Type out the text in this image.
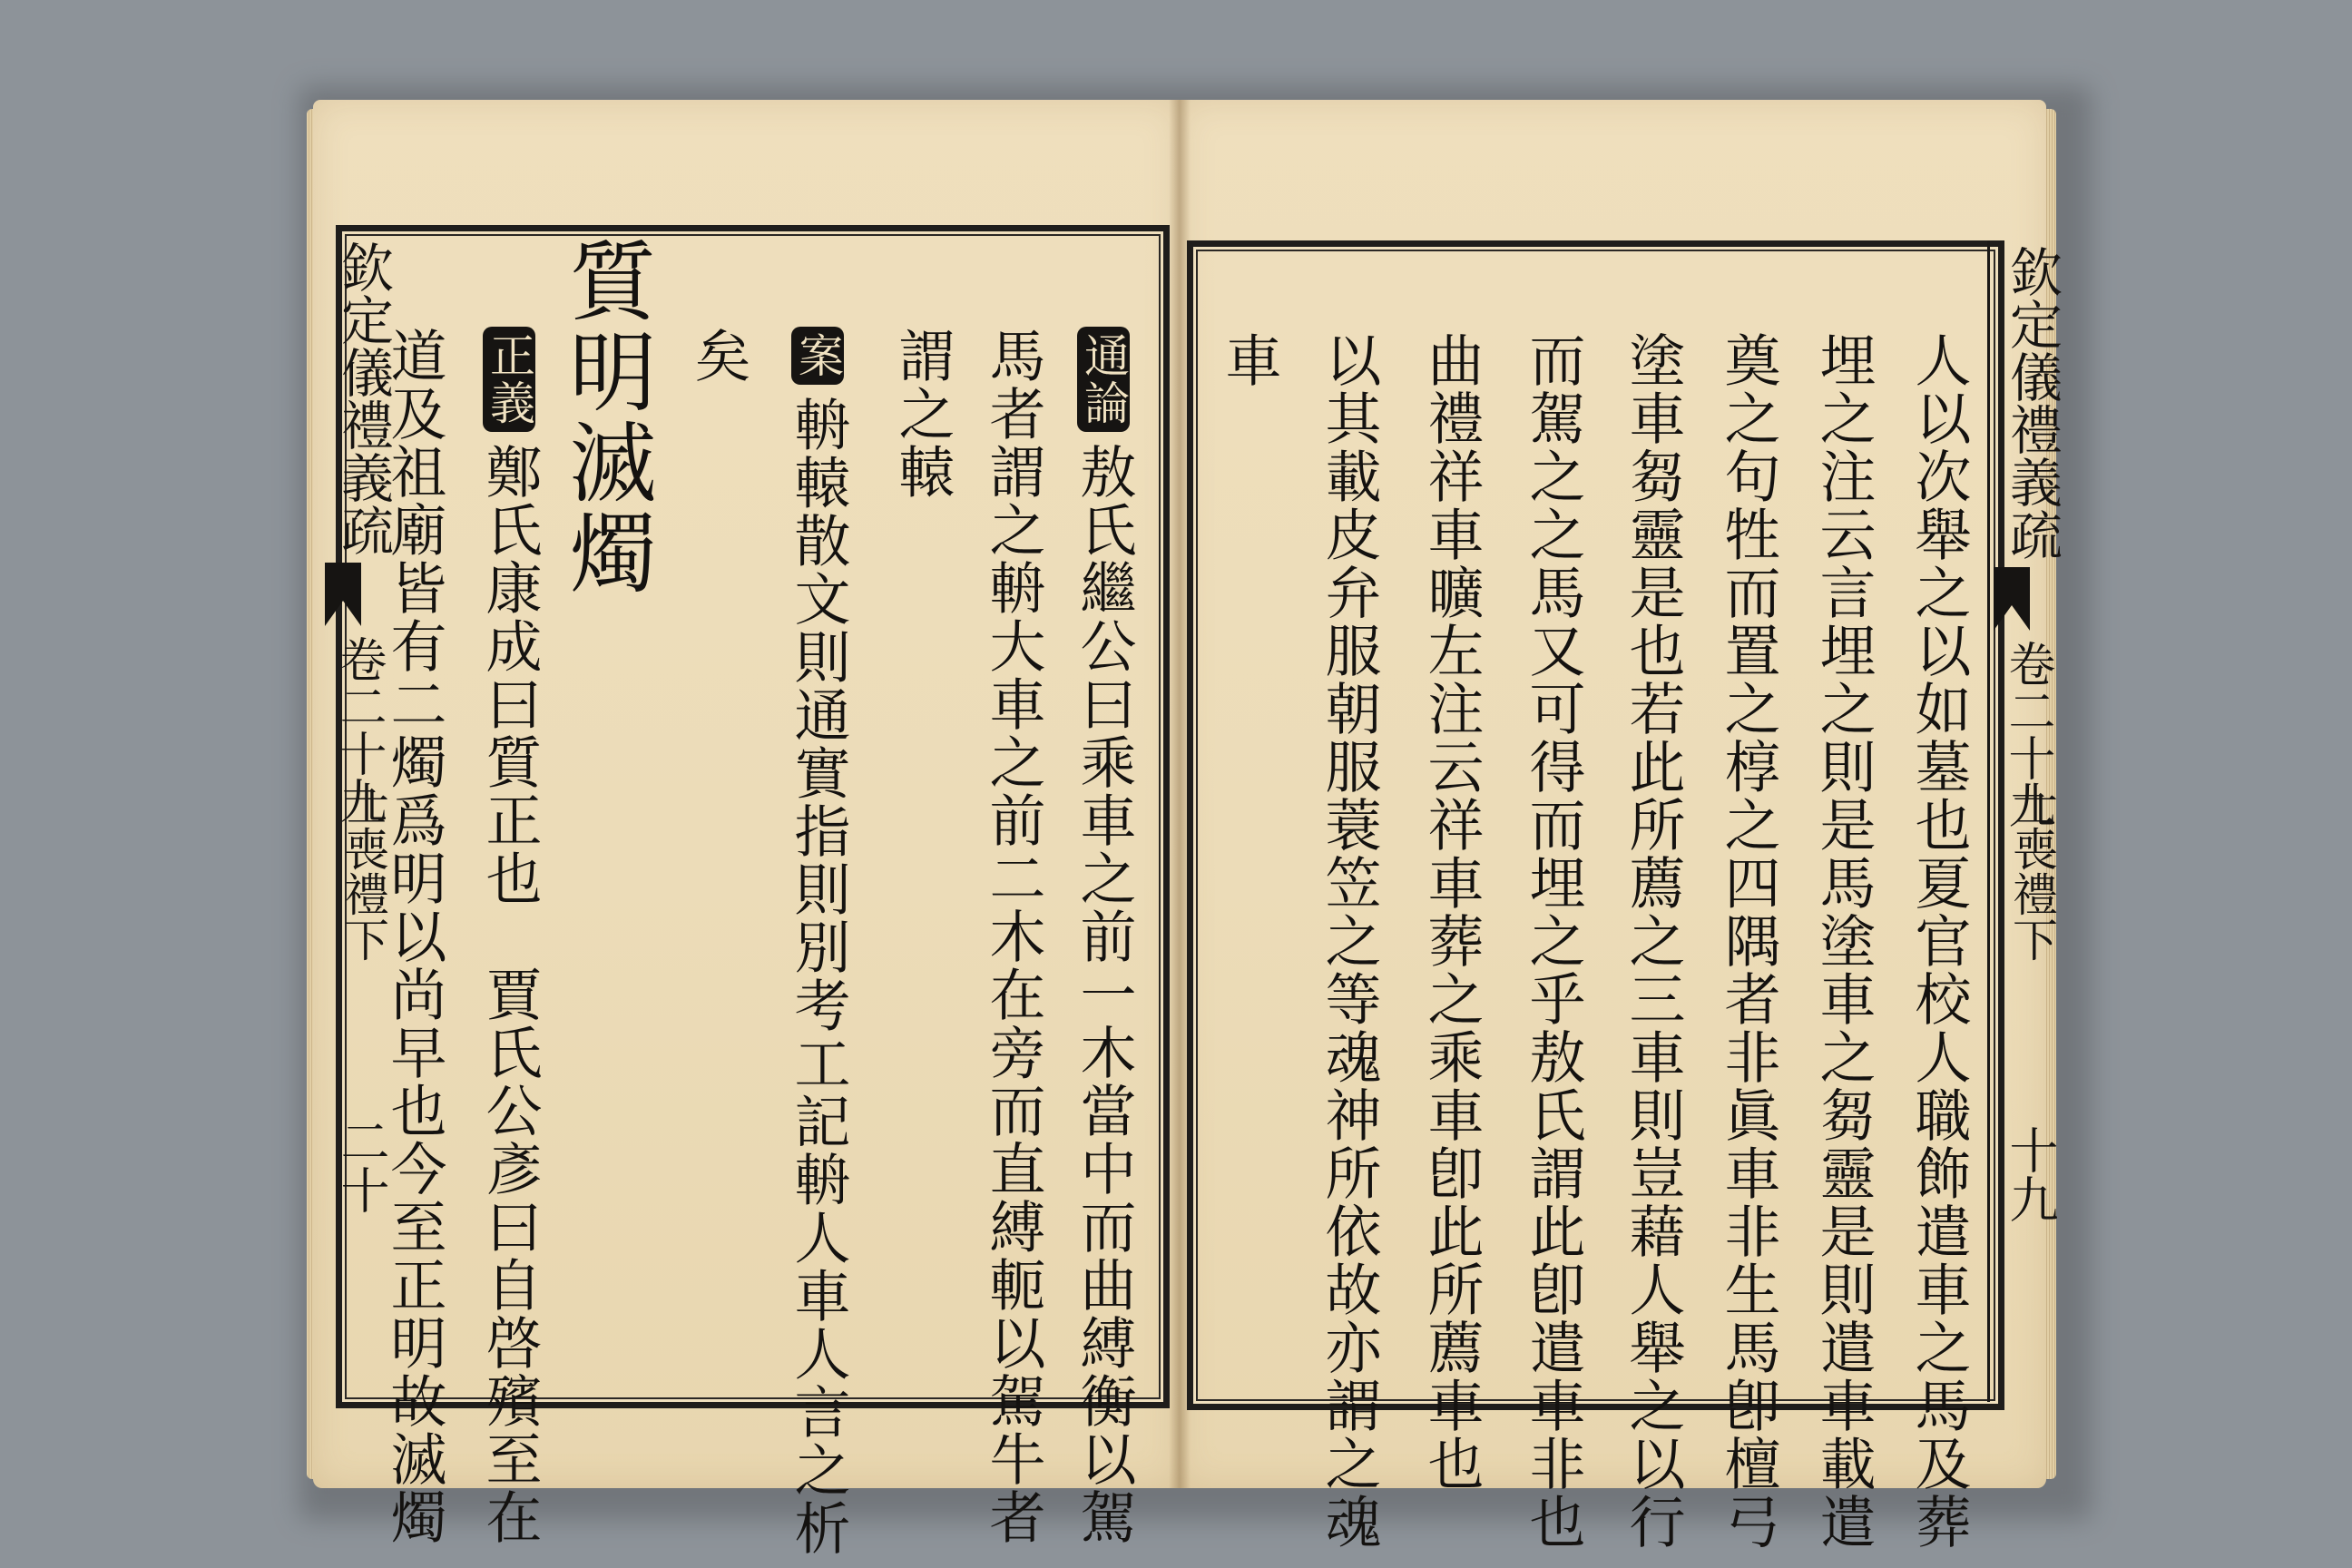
欽定儀禮義疏
卷二十九
士喪禮下
二十
通論敖氏繼公曰乘車之前一木當中而曲縛衡以駕
馬者謂之輈大車之前二木在旁而直縛軛以駕牛者
謂之轅
案輈轅散文則通實指則別考工記輈人車人言之析
矣
質明滅燭
正義鄭氏康成曰質正也　賈氏公彥曰自啓殯至在
道及祖廟皆有二燭爲明以尚早也今至正明故滅燭	欽定儀禮義疏
卷二十九
士喪禮下
十九
人以次舉之以如墓也夏官校人職飾遣車之馬及葬
埋之注云言埋之則是馬塗車之芻靈是則遣車載遣
奠之句牲而置之椁之四隅者非眞車非生馬卽檀弓
塗車芻靈是也若此所薦之三車則豈藉人舉之以行
而駕之之馬又可得而埋之乎敖氏謂此卽遣車非也
曲禮祥車曠左注云祥車葬之乘車卽此所薦車也
以其載皮弁服朝服蓑笠之等魂神所依故亦謂之魂
車
